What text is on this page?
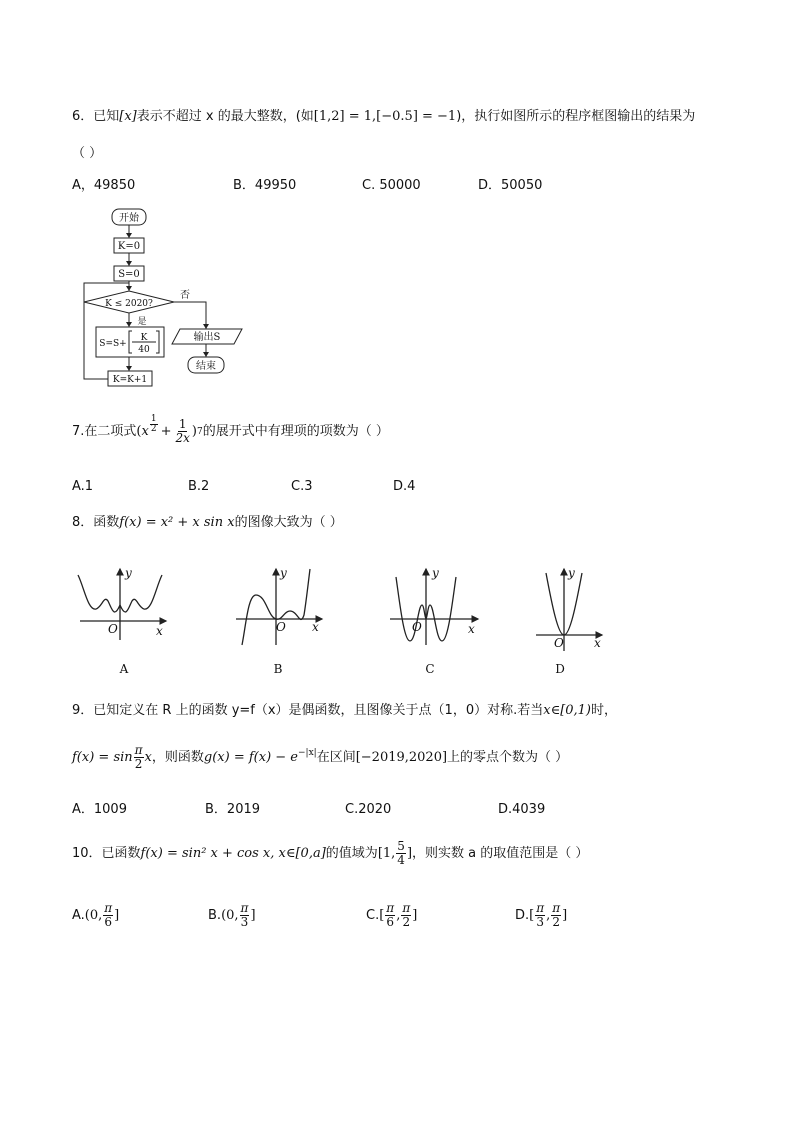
6．已知[x]表示不超过 x 的最大整数，(如[1,2] = 1,[−0.5] = −1)，执行如图所示的程序框图输出的结果为
（ ）
A，49850	B．49950	C. 50000	D．50050
开始
K=0
S=0
K ≤ 2020?
否
是
S=S+
K
40
输出S
结束
K=K+1
7.在二项式 ( x $\frac{1}{2} + \frac{1}{2x}$ ) 7 的展开式中有理项的项数为（ ）
A.1	B.2	C.3	D.4
8．函数f(x) = x² + x sin x的图像大致为（ ）
y
x
O
y
x
O
y
x
O
y
x
O
A	B	C	D
9．已知定义在 R 上的函数 y=f（x）是偶函数，且图像关于点（1，0）对称.若当x∈[0,1)时，
$f(x) = \sin \frac{\pi}{2}$ x ，则函数 $g(x) = f(x) - e^{-|x|}$ 在区间 [−2019,2020] 上的零点个数为（ ）
A．1009	B．2019	C.2020	D.4039
10．已函数 f(x) = sin² x + cos x, x∈[0,a] 的值域为 [1, $\frac{5}{4}$ ] ，则实数 a 的取值范围是（ ）
A. (0, $\frac{\pi}{6}$ ]	B. (0, $\frac{\pi}{3}$ ]	C. [ $\frac{\pi}{6}$ , $\frac{\pi}{2}$ ]	D. [ $\frac{\pi}{3}$ , $\frac{\pi}{2}$ ]
